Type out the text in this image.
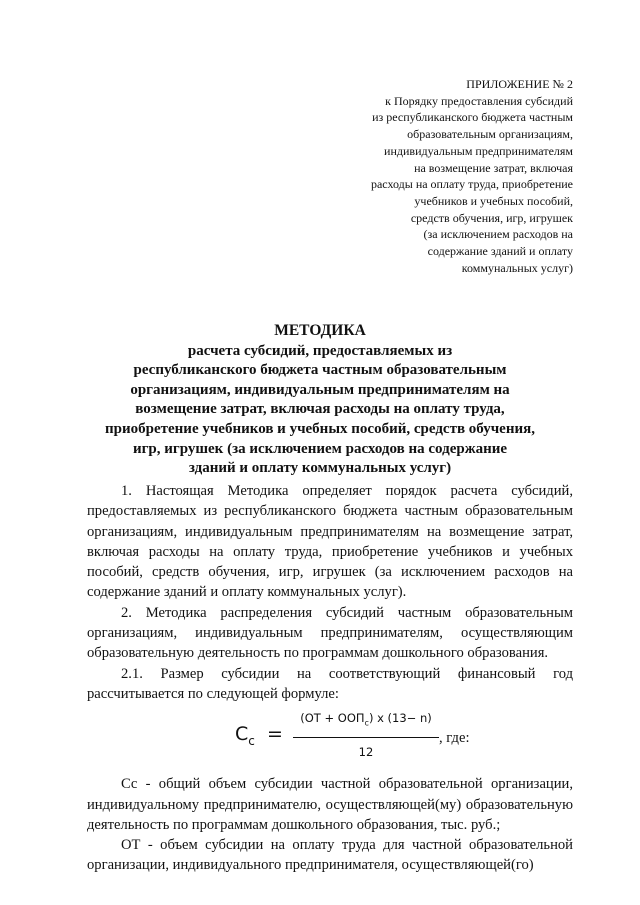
ПРИЛОЖЕНИЕ № 2

к Порядку предоставления субсидий

из республиканского бюджета частным

образовательным организациям,

индивидуальным предпринимателям

на возмещение затрат, включая

расходы на оплату труда, приобретение

учебников и учебных пособий,

средств обучения, игр, игрушек

(за исключением расходов на

содержание зданий и оплату

коммунальных услуг)

МЕТОДИКА

расчета субсидий, предоставляемых из

республиканского бюджета частным образовательным

организациям, индивидуальным предпринимателям на

возмещение затрат, включая расходы на оплату труда,

приобретение учебников и учебных пособий, средств обучения,

игр, игрушек (за исключением расходов на содержание

зданий и оплату коммунальных услуг)

1. Настоящая Методика определяет порядок расчета субсидий, предоставляемых из республиканского бюджета частным образовательным организациям, индивидуальным предпринимателям на возмещение затрат, включая расходы на оплату труда, приобретение учебников и учебных пособий, средств обучения, игр, игрушек (за исключением расходов на содержание зданий и оплату коммунальных услуг).

2. Методика распределения субсидий частным образовательным организациям, индивидуальным предпринимателям, осуществляющим образовательную деятельность по программам дошкольного образования.

2.1. Размер субсидии на соответствующий финансовый год рассчитывается по следующей формуле:

$C_с$ =
$(ОТ + ООП_с)$ x (13− n)
12
, где:

Сс - общий объем субсидии частной образовательной организации, индивидуальному предпринимателю, осуществляющей(му) образовательную деятельность по программам дошкольного образования, тыс. руб.;

ОТ - объем субсидии на оплату труда для частной образовательной организации, индивидуального предпринимателя, осуществляющей(го)
